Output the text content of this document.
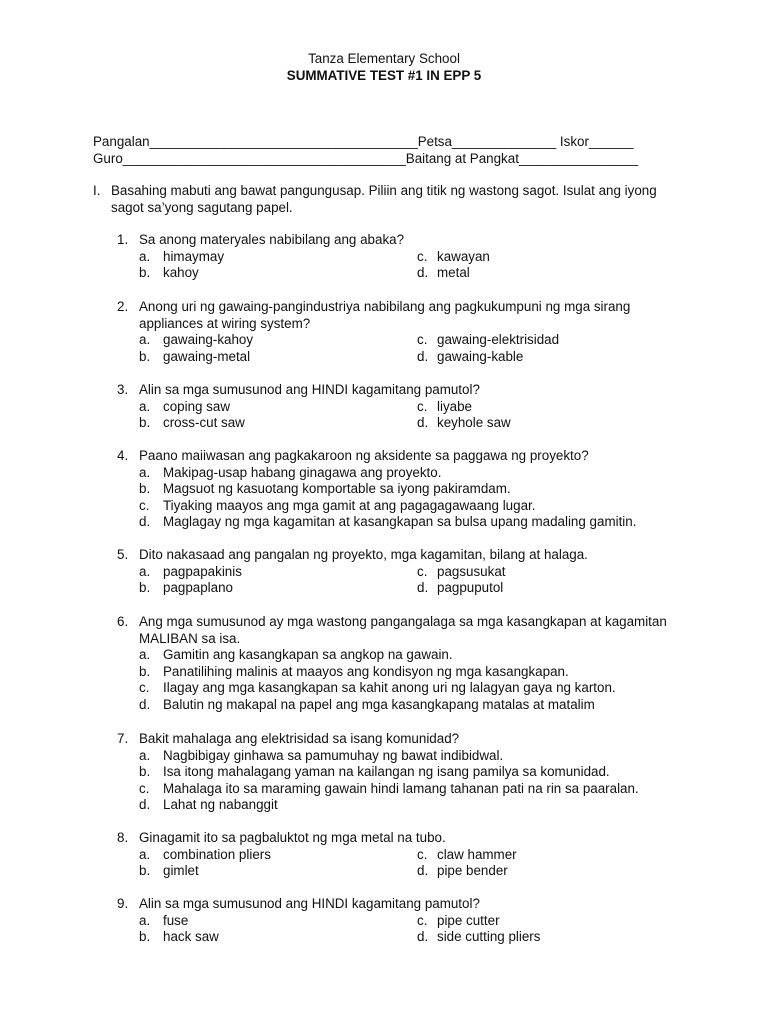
Tanza Elementary School
SUMMATIVE TEST #1 IN EPP 5
Pangalan____________________________________Petsa______________ Iskor______
Guro______________________________________Baitang at Pangkat________________
I. Basahing mabuti ang bawat pangungusap. Piliin ang titik ng wastong sagot. Isulat ang iyong sagot sa’yong sagutang papel.
1. Sa anong materyales nabibilang ang abaka?
a. himaymay	c. kawayan
b. kahoy	d. metal
2. Anong uri ng gawaing-pangindustriya nabibilang ang pagkukumpuni ng mga sirang appliances at wiring system?
a. gawaing-kahoy	c. gawaing-elektrisidad
b. gawaing-metal	d. gawaing-kable
3. Alin sa mga sumusunod ang HINDI kagamitang pamutol?
a. coping saw	c. liyabe
b. cross-cut saw	d. keyhole saw
4. Paano maiiwasan ang pagkakaroon ng aksidente sa paggawa ng proyekto?
a. Makipag-usap habang ginagawa ang proyekto.
b. Magsuot ng kasuotang komportable sa iyong pakiramdam.
c.	Tiyaking maayos ang mga gamit at ang pagagagawaang lugar.
d. Maglagay ng mga kagamitan at kasangkapan sa bulsa upang madaling gamitin.
5. Dito nakasaad ang pangalan ng proyekto, mga kagamitan, bilang at halaga.
a. pagpapakinis	c. pagsusukat
b. pagpaplano	d. pagpuputol
6. Ang mga sumusunod ay mga wastong pangangalaga sa mga kasangkapan at kagamitan MALIBAN sa isa.
a. Gamitin ang kasangkapan sa angkop na gawain.
b. Panatilihing malinis at maayos ang kondisyon ng mga kasangkapan.
c.	Ilagay ang mga kasangkapan sa kahit anong uri ng lalagyan gaya ng karton.
d. Balutin ng makapal na papel ang mga kasangkapang matalas at matalim
7. Bakit mahalaga ang elektrisidad sa isang komunidad?
a. Nagbibigay ginhawa sa pamumuhay ng bawat indibidwal.
b. Isa itong mahalagang yaman na kailangan ng isang pamilya sa komunidad.
c.	Mahalaga ito sa maraming gawain hindi lamang tahanan pati na rin sa paaralan.
d. Lahat ng nabanggit
8. Ginagamit ito sa pagbaluktot ng mga metal na tubo.
a. combination pliers	c. claw hammer
b. gimlet	d. pipe bender
9. Alin sa mga sumusunod ang HINDI kagamitang pamutol?
a. fuse	c. pipe cutter
b. hack saw	d. side cutting pliers
